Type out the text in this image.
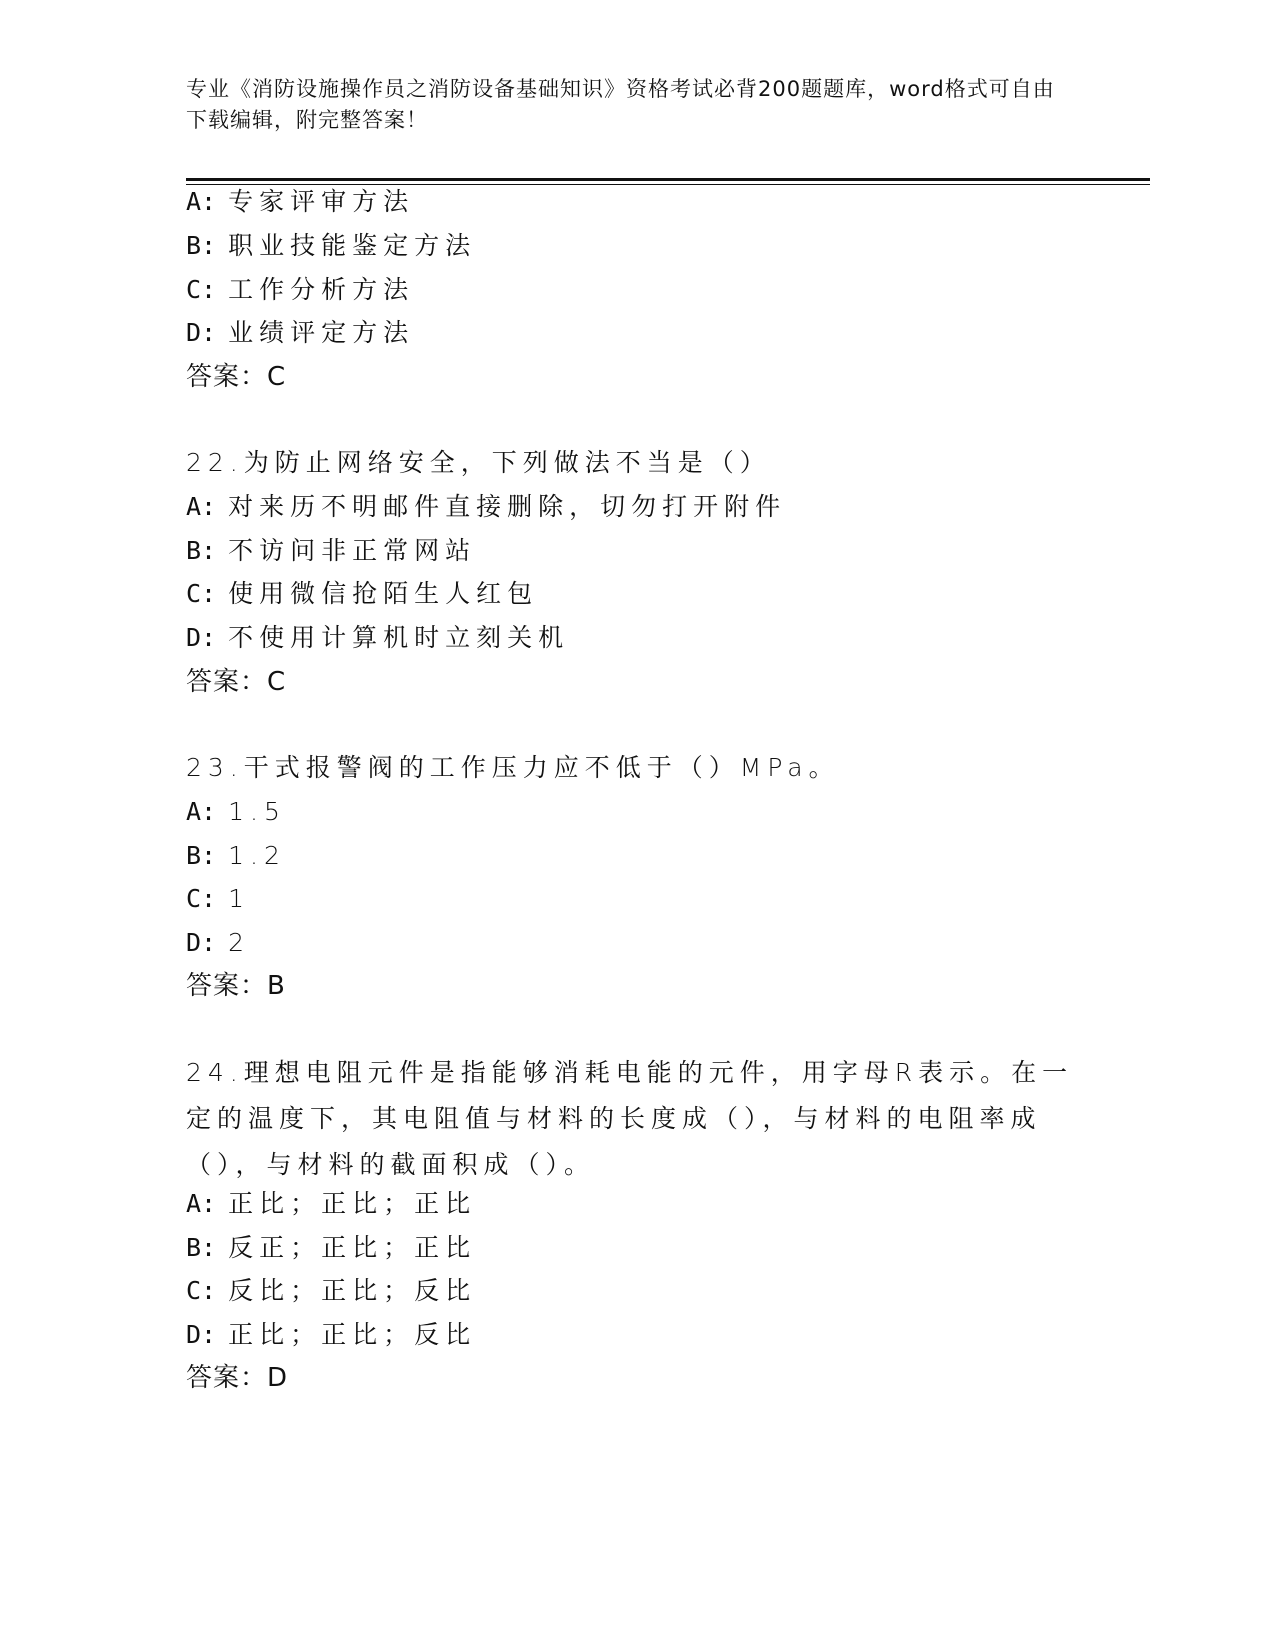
专业《消防设施操作员之消防设备基础知识》资格考试必背200题题库，word格式可自由下载编辑，附完整答案！
A: 专家评审方法
B: 职业技能鉴定方法
C: 工作分析方法
D: 业绩评定方法
答案：C
22.为防止网络安全，下列做法不当是（）
A: 对来历不明邮件直接删除，切勿打开附件
B: 不访问非正常网站
C: 使用微信抢陌生人红包
D: 不使用计算机时立刻关机
答案：C
23.干式报警阀的工作压力应不低于（）MPa。
A: 1.5
B: 1.2
C: 1
D: 2
答案：B
24.理想电阻元件是指能够消耗电能的元件，用字母R表示。在一定的温度下，其电阻值与材料的长度成（），与材料的电阻率成（），与材料的截面积成（）。
A: 正比；正比；正比
B: 反正；正比；正比
C: 反比；正比；反比
D: 正比；正比；反比
答案：D
